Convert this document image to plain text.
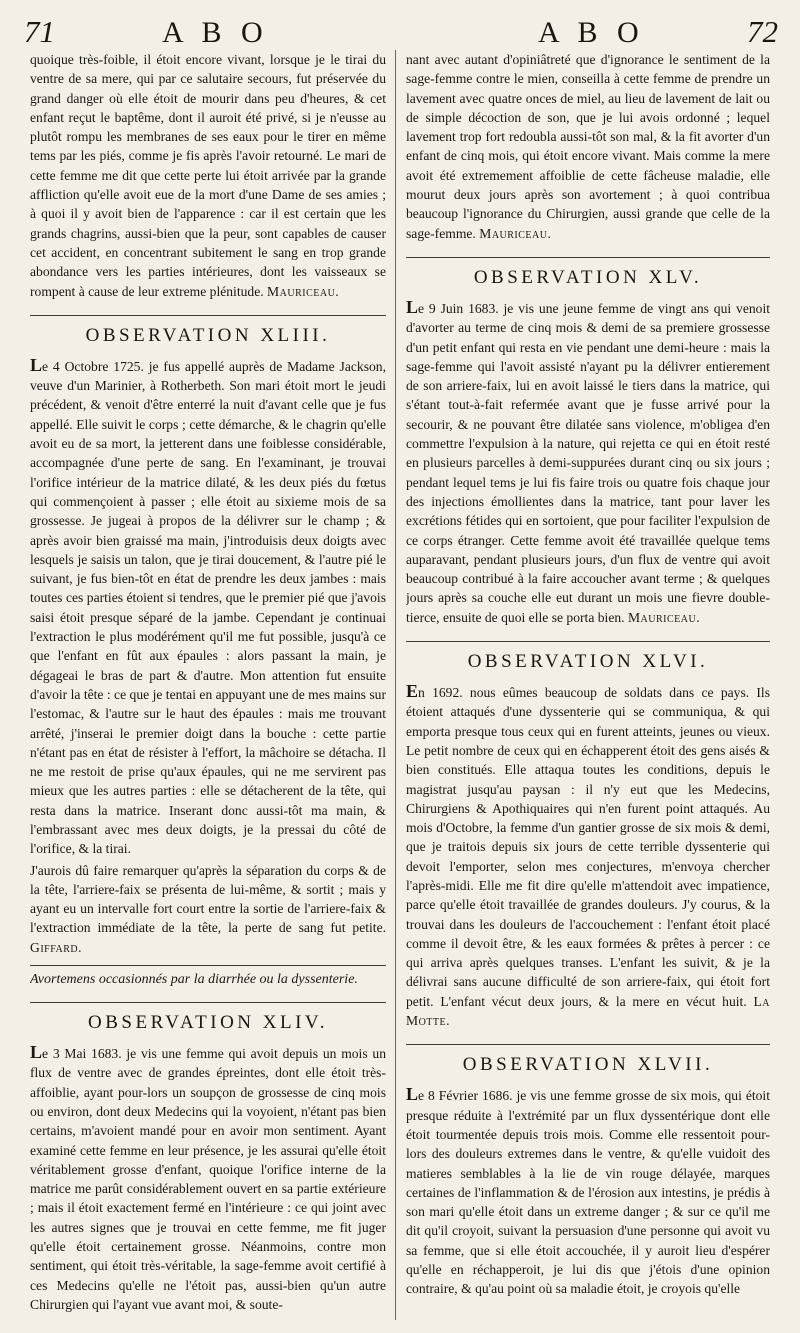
71	A B O	A B O	72

quoique très-foible, il étoit encore vivant, lorsque je le tirai du ventre de sa mere, qui par ce salutaire secours, fut préservée du grand danger où elle étoit de mourir dans peu d'heures, & cet enfant reçut le baptême, dont il auroit été privé, si je n'eusse au plutôt rompu les membranes de ses eaux pour le tirer en même tems par les piés, comme je fis après l'avoir retourné. Le mari de cette femme me dit que cette perte lui étoit arrivée par la grande affliction qu'elle avoit eue de la mort d'une Dame de ses amies ; à quoi il y avoit bien de l'apparence : car il est certain que les grands chagrins, aussi-bien que la peur, sont capables de causer cet accident, en concentrant subitement le sang en trop grande abondance vers les parties intérieures, dont les vaisseaux se rompent à cause de leur extreme plénitude. Mauriceau.

OBSERVATION XLIII.

Le 4 Octobre 1725. je fus appellé auprès de Madame Jackson, veuve d'un Marinier, à Rotherbeth. Son mari étoit mort le jeudi précédent, & venoit d'être enterré la nuit d'avant celle que je fus appellé. Elle suivit le corps ; cette démarche, & le chagrin qu'elle avoit eu de sa mort, la jetterent dans une foiblesse considérable, accompagnée d'une perte de sang. En l'examinant, je trouvai l'orifice intérieur de la matrice dilaté, & les deux piés du fœtus qui commençoient à passer ; elle étoit au sixieme mois de sa grossesse. Je jugeai à propos de la délivrer sur le champ ; & après avoir bien graissé ma main, j'introduisis deux doigts avec lesquels je saisis un talon, que je tirai doucement, & l'autre pié le suivant, je fus bien-tôt en état de prendre les deux jambes : mais toutes ces parties étoient si tendres, que le premier pié que j'avois saisi étoit presque séparé de la jambe. Cependant je continuai l'extraction le plus modérément qu'il me fut possible, jusqu'à ce que l'enfant en fût aux épaules : alors passant la main, je dégageai le bras de part & d'autre. Mon attention fut ensuite d'avoir la tête : ce que je tentai en appuyant une de mes mains sur l'estomac, & l'autre sur le haut des épaules : mais me trouvant arrêté, j'inserai le premier doigt dans la bouche : cette partie n'étant pas en état de résister à l'effort, la mâchoire se détacha. Il ne me restoit de prise qu'aux épaules, qui ne me servirent pas mieux que les autres parties : elle se détacherent de la tête, qui resta dans la matrice. Inserant donc aussi-tôt ma main, & l'embrassant avec mes deux doigts, je la pressai du côté de l'orifice, & la tirai.

J'aurois dû faire remarquer qu'après la séparation du corps & de la tête, l'arriere-faix se présenta de lui-même, & sortit ; mais y ayant eu un intervalle fort court entre la sortie de l'arriere-faix & l'extraction immédiate de la tête, la perte de sang fut petite. Giffard.

Avortemens occasionnés par la diarrhée ou la dyssenterie.
OBSERVATION XLIV.

Le 3 Mai 1683. je vis une femme qui avoit depuis un mois un flux de ventre avec de grandes épreintes, dont elle étoit très-affoiblie, ayant pour-lors un soupçon de grossesse de cinq mois ou environ, dont deux Medecins qui la voyoient, n'étant pas bien certains, m'avoient mandé pour en avoir mon sentiment. Ayant examiné cette femme en leur présence, je les assurai qu'elle étoit véritablement grosse d'enfant, quoique l'orifice interne de la matrice me parût considérablement ouvert en sa partie extérieure ; mais il étoit exactement fermé en l'intérieure : ce qui joint avec les autres signes que je trouvai en cette femme, me fit juger qu'elle étoit certainement grosse. Néanmoins, contre mon sentiment, qui étoit très-véritable, la sage-femme avoit certifié à ces Medecins qu'elle ne l'étoit pas, aussi-bien qu'un autre Chirurgien qui l'ayant vue avant moi, & soute-

nant avec autant d'opiniâtreté que d'ignorance le sentiment de la sage-femme contre le mien, conseilla à cette femme de prendre un lavement avec quatre onces de miel, au lieu de lavement de lait ou de simple décoction de son, que je lui avois ordonné ; lequel lavement trop fort redoubla aussi-tôt son mal, & la fit avorter d'un enfant de cinq mois, qui étoit encore vivant. Mais comme la mere avoit été extremement affoiblie de cette fâcheuse maladie, elle mourut deux jours après son avortement ; à quoi contribua beaucoup l'ignorance du Chirurgien, aussi grande que celle de la sage-femme. Mauriceau.

OBSERVATION XLV.

Le 9 Juin 1683. je vis une jeune femme de vingt ans qui venoit d'avorter au terme de cinq mois & demi de sa premiere grossesse d'un petit enfant qui resta en vie pendant une demi-heure : mais la sage-femme qui l'avoit assisté n'ayant pu la délivrer entierement de son arriere-faix, lui en avoit laissé le tiers dans la matrice, qui s'étant tout-à-fait refermée avant que je fusse arrivé pour la secourir, & ne pouvant être dilatée sans violence, m'obligea d'en commettre l'expulsion à la nature, qui rejetta ce qui en étoit resté en plusieurs parcelles à demi-suppurées durant cinq ou six jours ; pendant lequel tems je lui fis faire trois ou quatre fois chaque jour des injections émollientes dans la matrice, tant pour laver les excrétions fétides qui en sortoient, que pour faciliter l'expulsion de ce corps étranger. Cette femme avoit été travaillée quelque tems auparavant, pendant plusieurs jours, d'un flux de ventre qui avoit beaucoup contribué à la faire accoucher avant terme ; & quelques jours après sa couche elle eut durant un mois une fievre double-tierce, ensuite de quoi elle se porta bien. Mauriceau.

OBSERVATION XLVI.

En 1692. nous eûmes beaucoup de soldats dans ce pays. Ils étoient attaqués d'une dyssenterie qui se communiqua, & qui emporta presque tous ceux qui en furent atteints, jeunes ou vieux. Le petit nombre de ceux qui en échapperent étoit des gens aisés & bien constitués. Elle attaqua toutes les conditions, depuis le magistrat jusqu'au paysan : il n'y eut que les Medecins, Chirurgiens & Apothiquaires qui n'en furent point attaqués. Au mois d'Octobre, la femme d'un gantier grosse de six mois & demi, que je traitois depuis six jours de cette terrible dyssenterie qui devoit l'emporter, selon mes conjectures, m'envoya chercher l'après-midi. Elle me fit dire qu'elle m'attendoit avec impatience, parce qu'elle étoit travaillée de grandes douleurs. J'y courus, & la trouvai dans les douleurs de l'accouchement : l'enfant étoit placé comme il devoit être, & les eaux formées & prêtes à percer : ce qui arriva après quelques transes. L'enfant les suivit, & je la délivrai sans aucune difficulté de son arriere-faix, qui étoit fort petit. L'enfant vécut deux jours, & la mere en vécut huit. La Motte.

OBSERVATION XLVII.

Le 8 Février 1686. je vis une femme grosse de six mois, qui étoit presque réduite à l'extrémité par un flux dyssentérique dont elle étoit tourmentée depuis trois mois. Comme elle ressentoit pour-lors des douleurs extremes dans le ventre, & qu'elle vuidoit des matieres semblables à la lie de vin rouge délayée, marques certaines de l'inflammation & de l'érosion aux intestins, je prédis à son mari qu'elle étoit dans un extreme danger ; & sur ce qu'il me dit qu'il croyoit, suivant la persuasion d'une personne qui avoit vu sa femme, que si elle étoit accouchée, il y auroit lieu d'espérer qu'elle en réchapperoit, je lui dis que j'étois d'une opinion contraire, & qu'au point où sa maladie étoit, je croyois qu'elle
